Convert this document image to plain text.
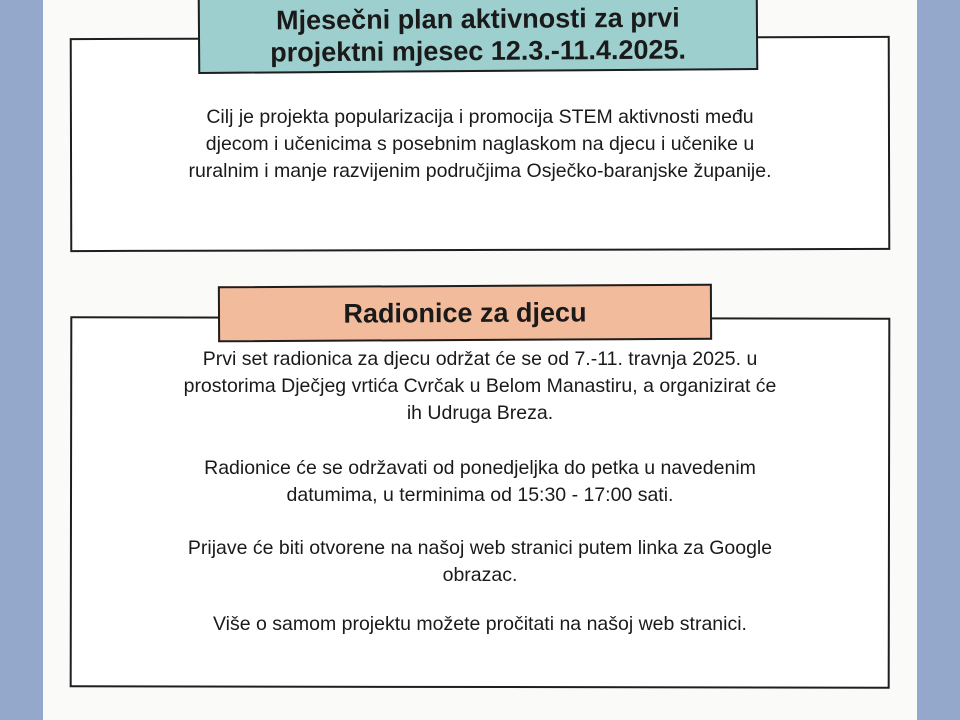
Mjesečni plan aktivnosti za prvi
projektni mjesec 12.3.-11.4.2025.
Cilj je projekta popularizacija i promocija STEM aktivnosti među
djecom i učenicima s posebnim naglaskom na djecu i učenike u
ruralnim i manje razvijenim područjima Osječko-baranjske županije.
Radionice za djecu
Prvi set radionica za djecu održat će se od 7.-11. travnja 2025. u
prostorima Dječjeg vrtića Cvrčak u Belom Manastiru, a organizirat će
ih Udruga Breza.
Radionice će se održavati od ponedjeljka do petka u navedenim
datumima, u terminima od 15:30 - 17:00 sati.
Prijave će biti otvorene na našoj web stranici putem linka za Google
obrazac.
Više o samom projektu možete pročitati na našoj web stranici.
